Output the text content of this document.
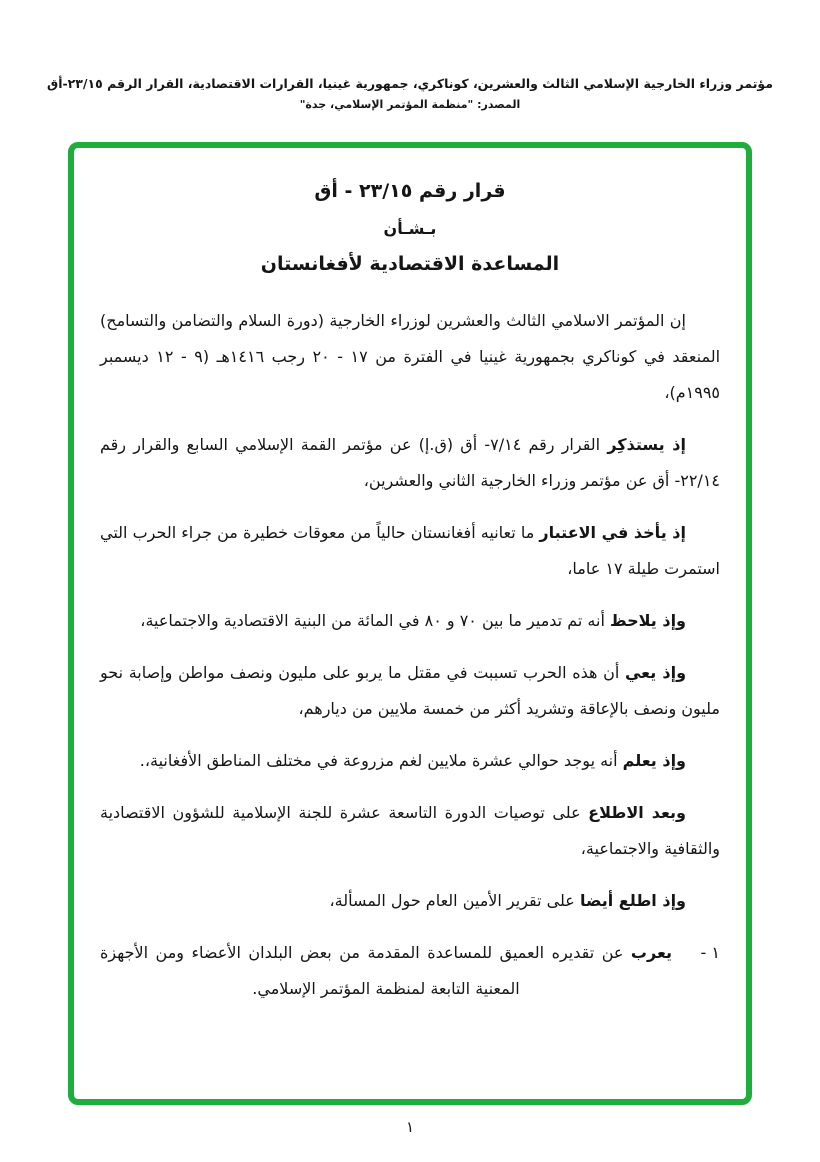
مؤتمر وزراء الخارجية الإسلامي الثالث والعشرين، كوناكري، جمهورية غينيا، القرارات الاقتصادية، القرار الرقم ٢٣/١٥-أق
المصدر: "منظمة المؤتمر الإسلامي، جدة"
قرار رقم ٢٣/١٥ - أق
بـشـأن
المساعدة الاقتصادية لأفغانستان

إن المؤتمر الاسلامي الثالث والعشرين لوزراء الخارجية (دورة السلام والتضامن والتسامح) المنعقد في كوناكري بجمهورية غينيا في الفترة من ١٧ - ٢٠ رجب ١٤١٦هـ (٩ - ١٢ ديسمبر ١٩٩٥م)،

إذ يستذكِر القرار رقم ٧/١٤- أق (ق.إ) عن مؤتمر القمة الإسلامي السابع والقرار رقم ٢٢/١٤- أق عن مؤتمر وزراء الخارجية الثاني والعشرين،

إذ يأخذ في الاعتبار ما تعانيه أفغانستان حالياً من معوقات خطيرة من جراء الحرب التي استمرت طيلة ١٧ عاما،

وإذ يلاحظ أنه تم تدمير ما بين ٧٠ و ٨٠ في المائة من البنية الاقتصادية والاجتماعية،

وإذ يعي أن هذه الحرب تسببت في مقتل ما يربو على مليون ونصف مواطن وإصابة نحو مليون ونصف بالإعاقة وتشريد أكثر من خمسة ملايين من ديارهم،

وإذ يعلم أنه يوجد حوالي عشرة ملايين لغم مزروعة في مختلف المناطق الأفغانية،.

وبعد الاطلاع على توصيات الدورة التاسعة عشرة للجنة الإسلامية للشؤون الاقتصادية والثقافية والاجتماعية،

وإذ اطلع أيضا على تقرير الأمين العام حول المسألة،

١ -

يعرب عن تقديره العميق للمساعدة المقدمة من بعض البلدان الأعضاء ومن الأجهزة المعنية التابعة لمنظمة المؤتمر الإسلامي.

١
